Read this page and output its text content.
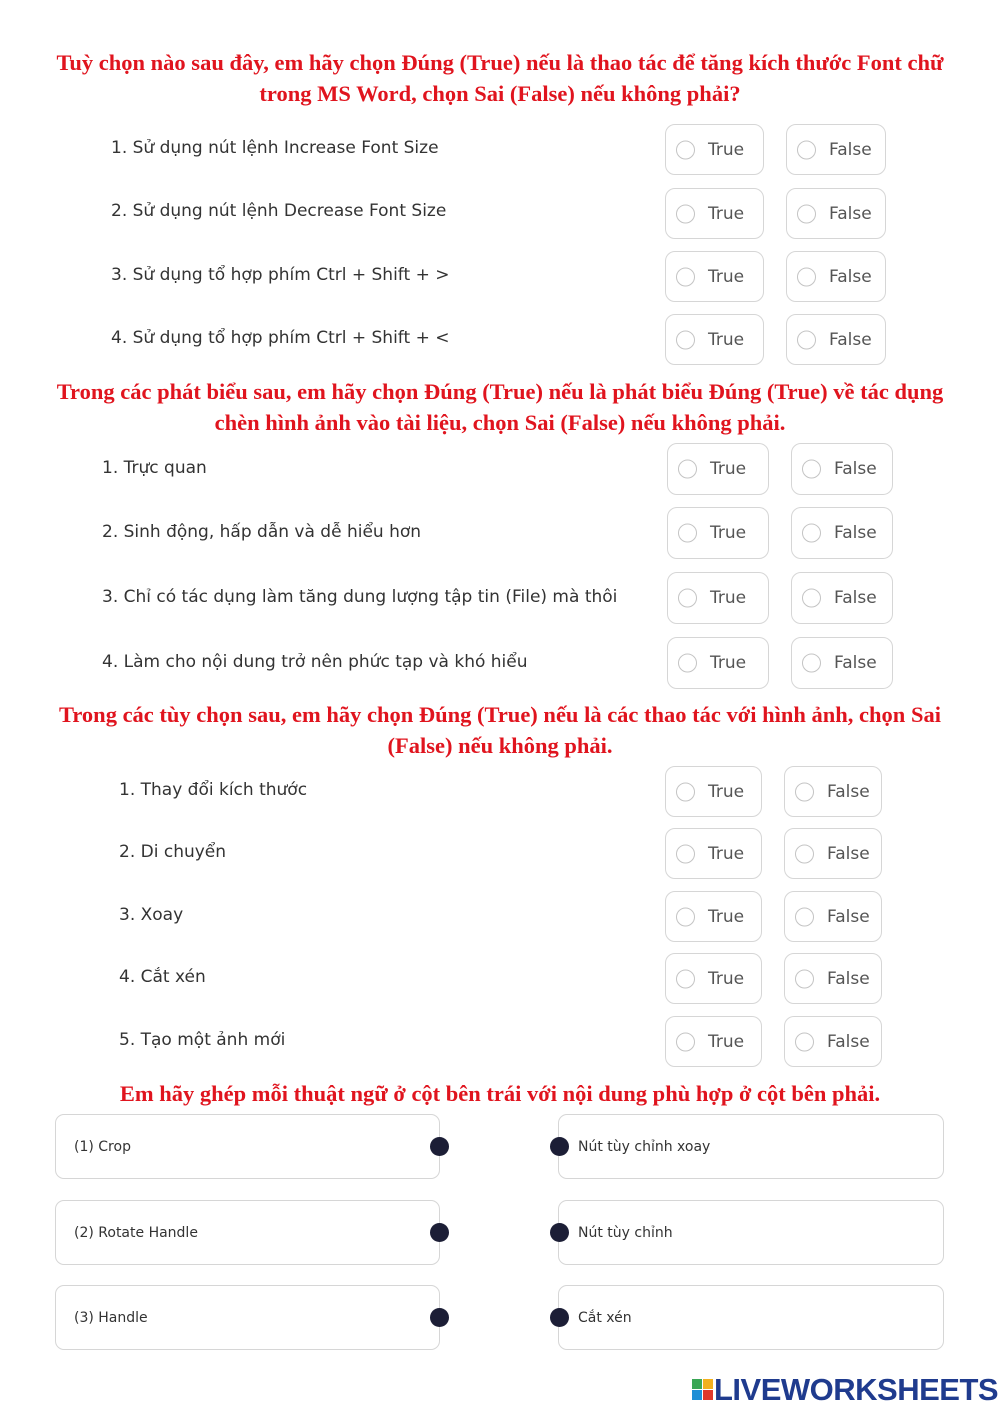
Tuỳ chọn nào sau đây, em hãy chọn Đúng (True) nếu là thao tác để tăng kích thước Font chữ trong MS Word, chọn Sai (False) nếu không phải?
1. Sử dụng nút lệnh Increase Font Size	True	False
2. Sử dụng nút lệnh Decrease Font Size	True	False
3. Sử dụng tổ hợp phím Ctrl + Shift + >	True	False
4. Sử dụng tổ hợp phím Ctrl + Shift + <	True	False
Trong các phát biểu sau, em hãy chọn Đúng (True) nếu là phát biểu Đúng (True) về tác dụng chèn hình ảnh vào tài liệu, chọn Sai (False) nếu không phải.
1. Trực quan	True	False
2. Sinh động, hấp dẫn và dễ hiểu hơn	True	False
3. Chỉ có tác dụng làm tăng dung lượng tập tin (File) mà thôi	True	False
4. Làm cho nội dung trở nên phức tạp và khó hiểu	True	False
Trong các tùy chọn sau, em hãy chọn Đúng (True) nếu là các thao tác với hình ảnh, chọn Sai (False) nếu không phải.
1. Thay đổi kích thước	True	False
2. Di chuyển	True	False
3. Xoay	True	False
4. Cắt xén	True	False
5. Tạo một ảnh mới	True	False
Em hãy ghép mỗi thuật ngữ ở cột bên trái với nội dung phù hợp ở cột bên phải.
(1) Crop	Nút tùy chỉnh xoay
(2) Rotate Handle	Nút tùy chỉnh
(3) Handle	Cắt xén
LIVEWORKSHEETS
